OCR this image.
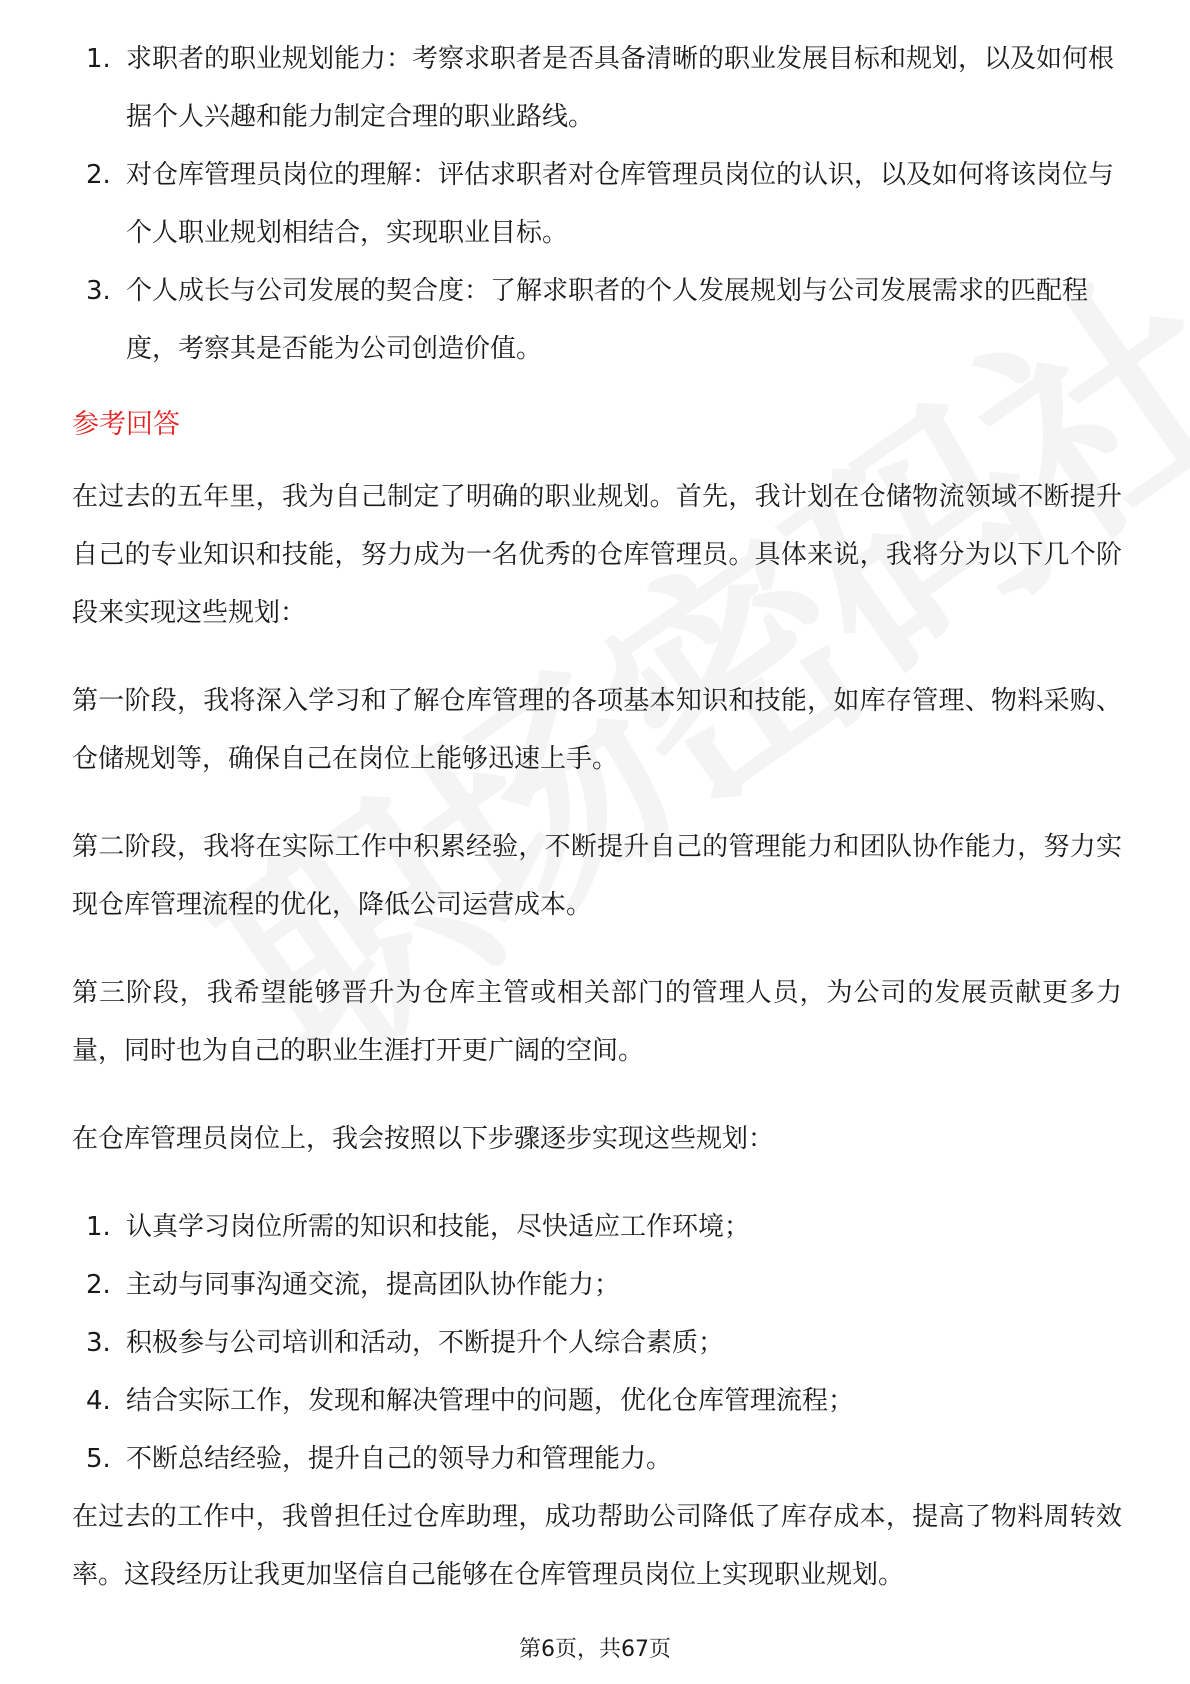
1. 求职者的职业规划能力：考察求职者是否具备清晰的职业发展目标和规划，以及如何根据个人兴趣和能力制定合理的职业路线。
2. 对仓库管理员岗位的理解：评估求职者对仓库管理员岗位的认识，以及如何将该岗位与个人职业规划相结合，实现职业目标。
3. 个人成长与公司发展的契合度：了解求职者的个人发展规划与公司发展需求的匹配程度，考察其是否能为公司创造价值。
参考回答

在过去的五年里，我为自己制定了明确的职业规划。首先，我计划在仓储物流领域不断提升自己的专业知识和技能，努力成为一名优秀的仓库管理员。具体来说，我将分为以下几个阶段来实现这些规划：

第一阶段，我将深入学习和了解仓库管理的各项基本知识和技能，如库存管理、物料采购、仓储规划等，确保自己在岗位上能够迅速上手。

第二阶段，我将在实际工作中积累经验，不断提升自己的管理能力和团队协作能力，努力实现仓库管理流程的优化，降低公司运营成本。

第三阶段，我希望能够晋升为仓库主管或相关部门的管理人员，为公司的发展贡献更多力量，同时也为自己的职业生涯打开更广阔的空间。

在仓库管理员岗位上，我会按照以下步骤逐步实现这些规划：

1. 认真学习岗位所需的知识和技能，尽快适应工作环境；
2. 主动与同事沟通交流，提高团队协作能力；
3. 积极参与公司培训和活动，不断提升个人综合素质；
4. 结合实际工作，发现和解决管理中的问题，优化仓库管理流程；
5. 不断总结经验，提升自己的领导力和管理能力。

在过去的工作中，我曾担任过仓库助理，成功帮助公司降低了库存成本，提高了物料周转效率。这段经历让我更加坚信自己能够在仓库管理员岗位上实现职业规划。

第6页，共67页
